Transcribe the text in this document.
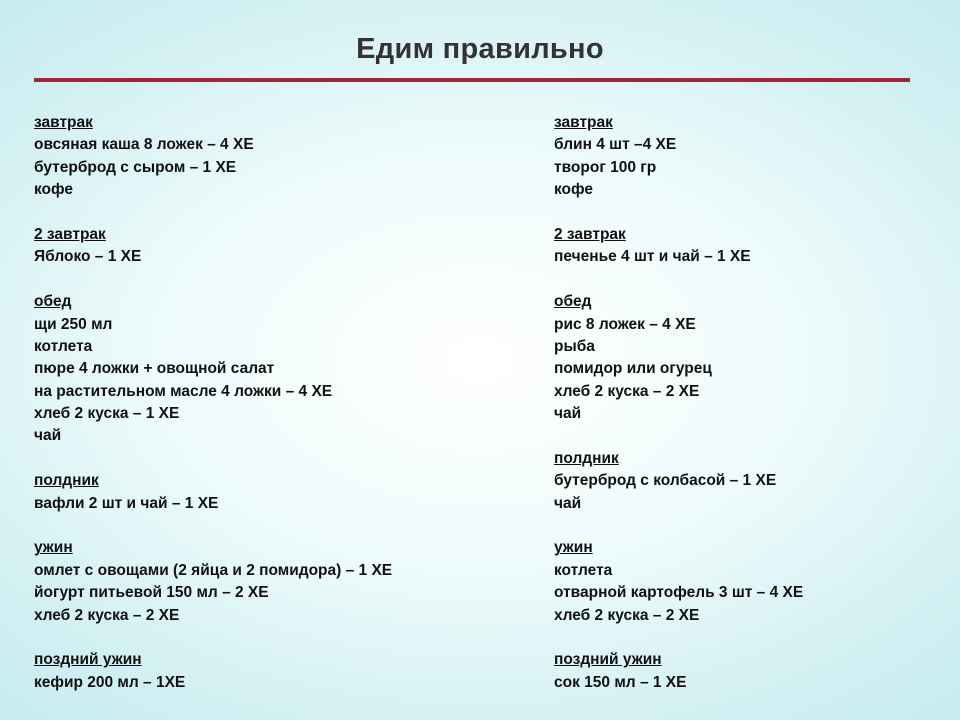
Едим правильно
завтрак
овсяная каша 8 ложек – 4 ХЕ
бутерброд с сыром – 1 ХЕ
кофе
2 завтрак
Яблоко – 1 ХЕ
обед
щи 250 мл
котлета
пюре 4 ложки + овощной салат
на растительном масле 4 ложки – 4 ХЕ
хлеб 2 куска – 1 ХЕ
чай
полдник
вафли 2 шт и чай – 1 ХЕ
ужин
омлет с овощами (2 яйца и 2 помидора) – 1 ХЕ
йогурт питьевой 150 мл – 2 ХЕ
хлеб 2 куска – 2 ХЕ
поздний ужин
кефир 200 мл – 1ХЕ
завтрак
блин 4 шт –4 ХЕ
творог 100 гр
кофе
2 завтрак
печенье 4 шт и чай – 1 ХЕ
обед
рис 8 ложек – 4 ХЕ
рыба
помидор или огурец
хлеб 2 куска – 2 ХЕ
чай
полдник
бутерброд с колбасой – 1 ХЕ
чай
ужин
котлета
отварной картофель 3 шт – 4 ХЕ
хлеб 2 куска – 2 ХЕ
поздний ужин
сок 150 мл – 1 ХЕ
